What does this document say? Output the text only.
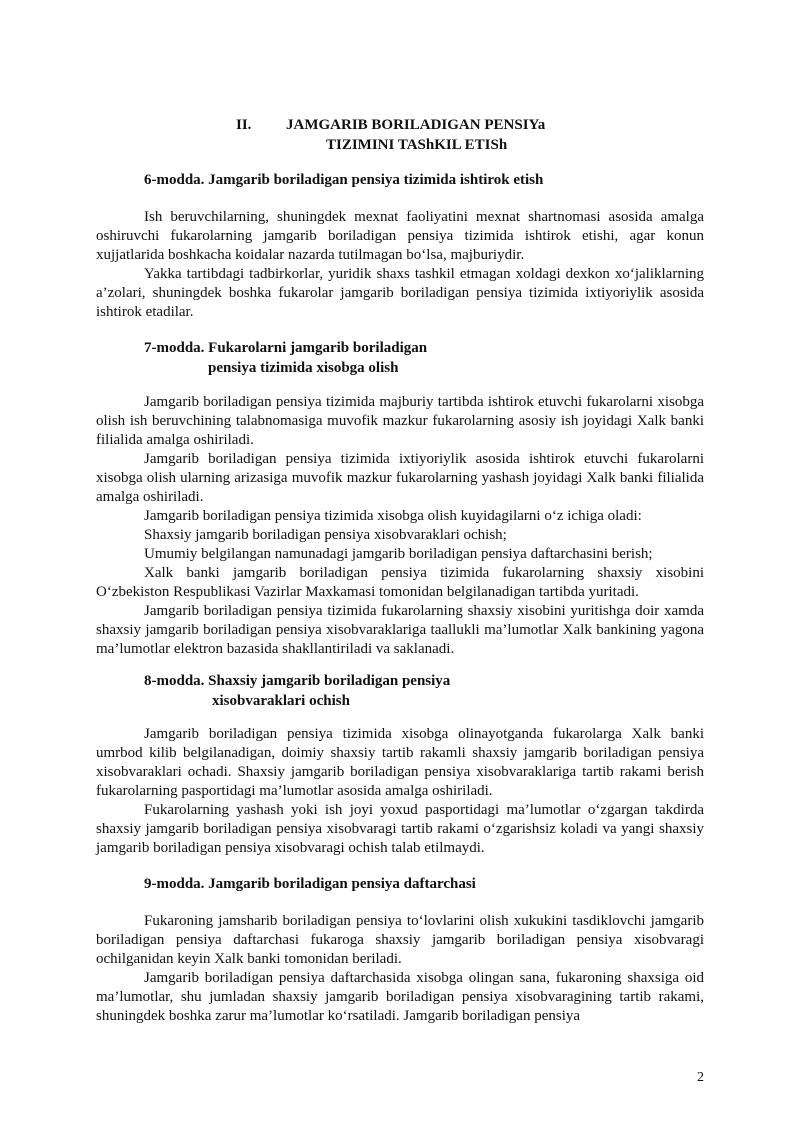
II. JAMGARIB BORILADIGAN PENSIYa
TIZIMINI TAShKIL ETISh
6-modda. Jamgarib boriladigan pensiya tizimida ishtirok etish

Ish beruvchilarning, shuningdek mexnat faoliyatini mexnat shartnomasi asosida amalga oshiruvchi fukarolarning jamgarib boriladigan pensiya tizimida ishtirok etishi, agar konun xujjatlarida boshkacha koidalar nazarda tutilmagan boʻlsa, majburiydir.

Yakka tartibdagi tadbirkorlar, yuridik shaxs tashkil etmagan xoldagi dexkon xoʻjaliklarning a’zolari, shuningdek boshka fukarolar jamgarib boriladigan pensiya tizimida ixtiyoriylik asosida ishtirok etadilar.

7-modda. Fukarolarni jamgarib boriladigan
pensiya tizimida xisobga olish

Jamgarib boriladigan pensiya tizimida majburiy tartibda ishtirok etuvchi fukarolarni xisobga olish ish beruvchining talabnomasiga muvofik mazkur fukarolarning asosiy ish joyidagi Xalk banki filialida amalga oshiriladi.

Jamgarib boriladigan pensiya tizimida ixtiyoriylik asosida ishtirok etuvchi fukarolarni xisobga olish ularning arizasiga muvofik mazkur fukarolarning yashash joyidagi Xalk banki filialida amalga oshiriladi.

Jamgarib boriladigan pensiya tizimida xisobga olish kuyidagilarni oʻz ichiga oladi:

Shaxsiy jamgarib boriladigan pensiya xisobvaraklari ochish;

Umumiy belgilangan namunadagi jamgarib boriladigan pensiya daftarchasini berish;

Xalk banki jamgarib boriladigan pensiya tizimida fukarolarning shaxsiy xisobini Oʻzbekiston Respublikasi Vazirlar Maxkamasi tomonidan belgilanadigan tartibda yuritadi.

Jamgarib boriladigan pensiya tizimida fukarolarning shaxsiy xisobini yuritishga doir xamda shaxsiy jamgarib boriladigan pensiya xisobvaraklariga taallukli ma’lumotlar Xalk bankining yagona ma’lumotlar elektron bazasida shakllantiriladi va saklanadi.

8-modda. Shaxsiy jamgarib boriladigan pensiya
xisobvaraklari ochish

Jamgarib boriladigan pensiya tizimida xisobga olinayotganda fukarolarga Xalk banki umrbod kilib belgilanadigan, doimiy shaxsiy tartib rakamli shaxsiy jamgarib boriladigan pensiya xisobvaraklari ochadi. Shaxsiy jamgarib boriladigan pensiya xisobvaraklariga tartib rakami berish fukarolarning pasportidagi ma’lumotlar asosida amalga oshiriladi.

Fukarolarning yashash yoki ish joyi yoxud pasportidagi ma’lumotlar oʻzgargan takdirda shaxsiy jamgarib boriladigan pensiya xisobvaragi tartib rakami oʻzgarishsiz koladi va yangi shaxsiy jamgarib boriladigan pensiya xisobvaragi ochish talab etilmaydi.

9-modda. Jamgarib boriladigan pensiya daftarchasi

Fukaroning jamsharib boriladigan pensiya toʻlovlarini olish xukukini tasdiklovchi jamgarib boriladigan pensiya daftarchasi fukaroga shaxsiy jamgarib boriladigan pensiya xisobvaragi ochilganidan keyin Xalk banki tomonidan beriladi.

Jamgarib boriladigan pensiya daftarchasida xisobga olingan sana, fukaroning shaxsiga oid ma’lumotlar, shu jumladan shaxsiy jamgarib boriladigan pensiya xisobvaragining tartib rakami, shuningdek boshka zarur ma’lumotlar koʻrsatiladi. Jamgarib boriladigan pensiya

2
